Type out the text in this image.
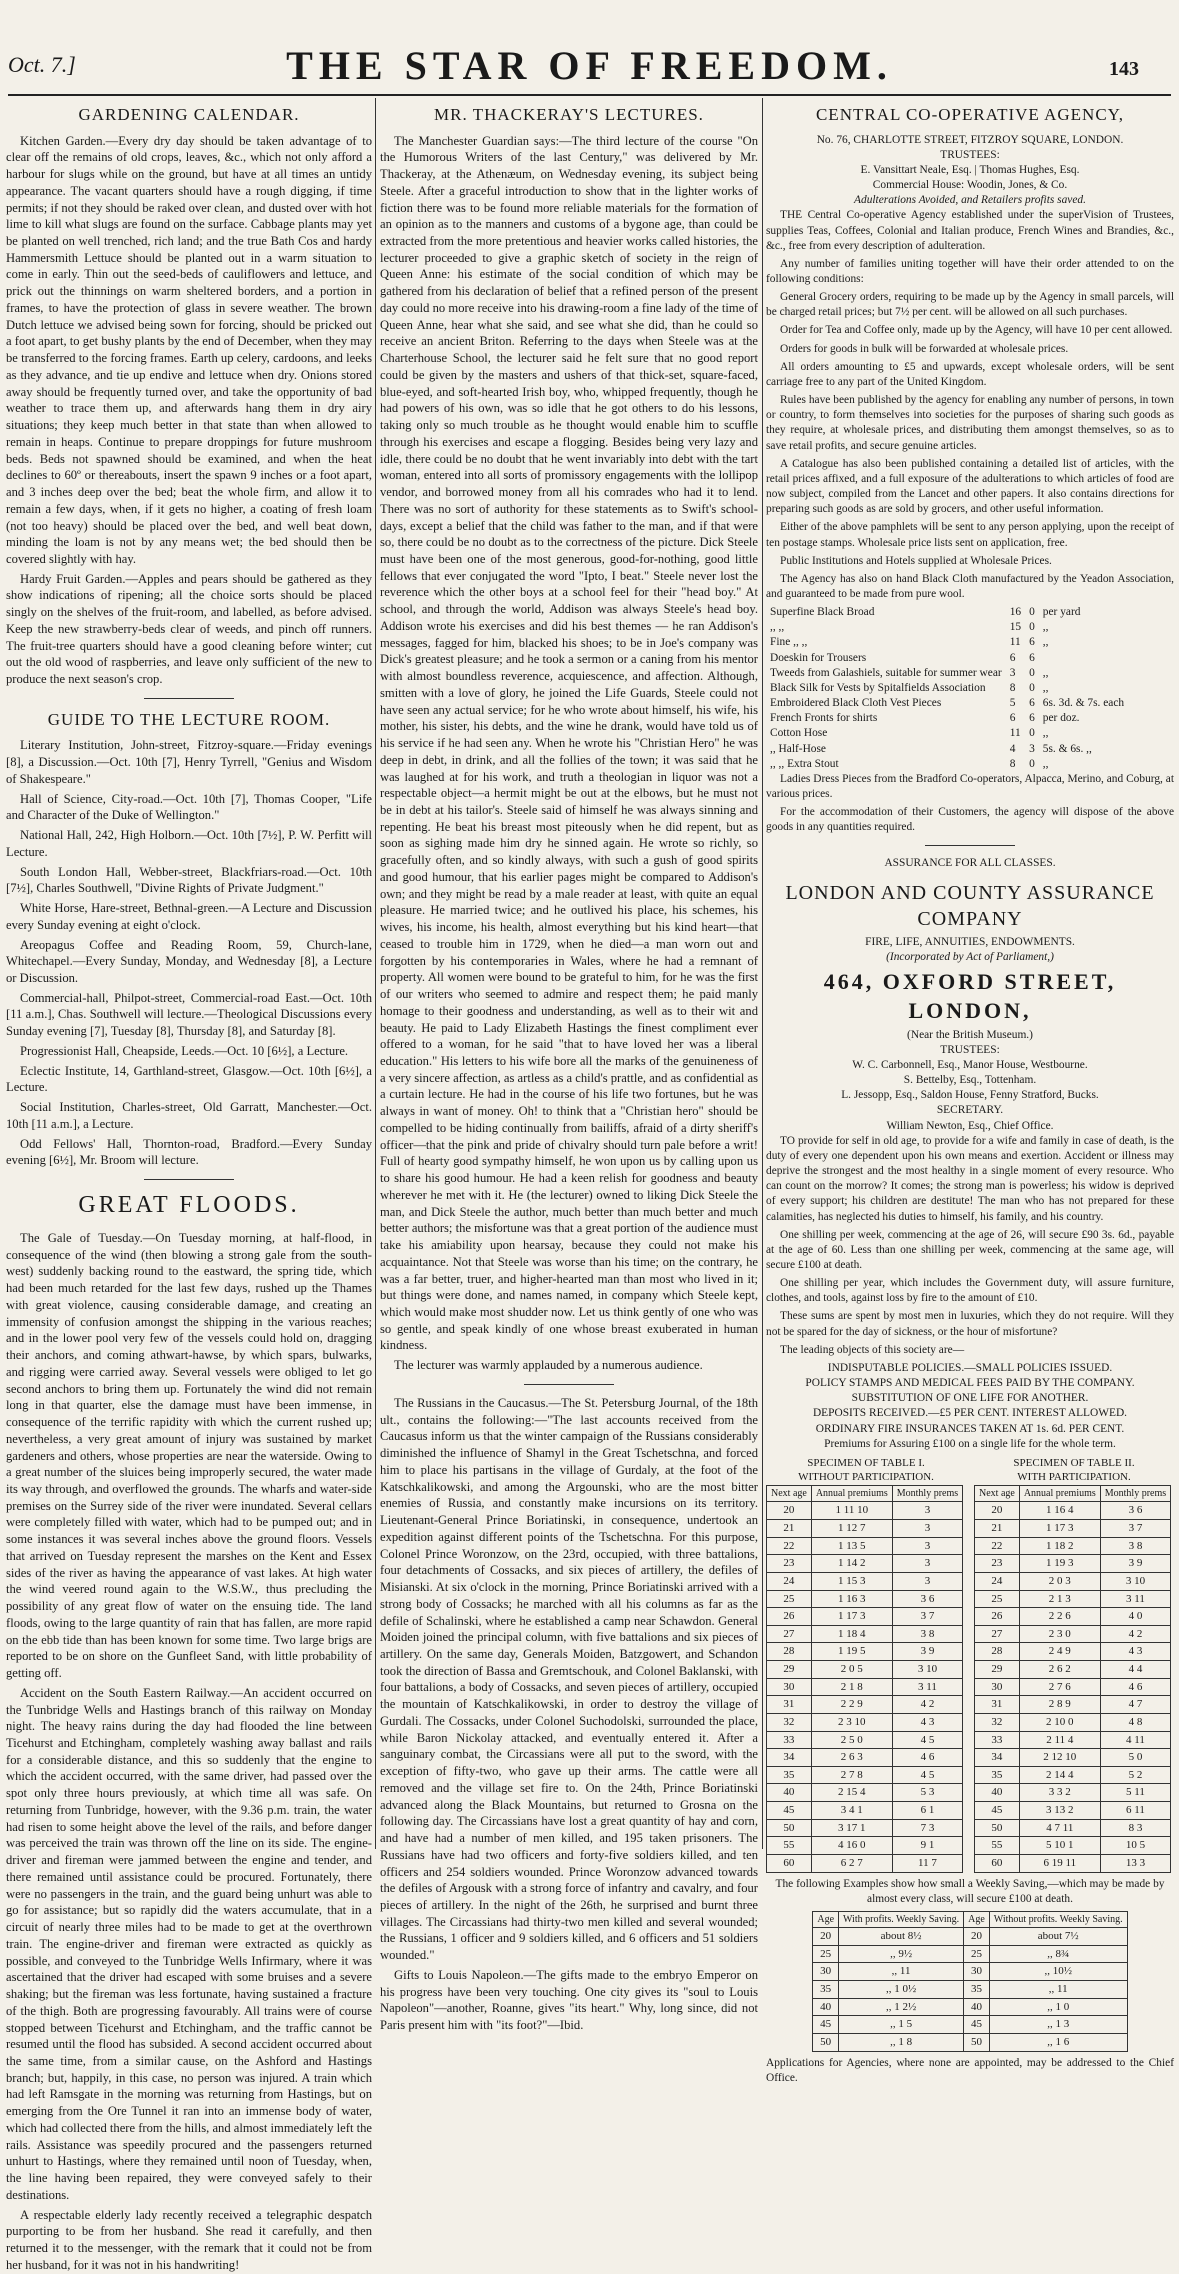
Oct. 7.]	THE STAR OF FREEDOM.	143
GARDENING CALENDAR.

Kitchen Garden.—Every dry day should be taken advantage of to clear off the remains of old crops, leaves, &c., which not only afford a harbour for slugs while on the ground, but have at all times an untidy appearance. The vacant quarters should have a rough digging, if time permits; if not they should be raked over clean, and dusted over with hot lime to kill what slugs are found on the surface. Cabbage plants may yet be planted on well trenched, rich land; and the true Bath Cos and hardy Hammersmith Lettuce should be planted out in a warm situation to come in early. Thin out the seed-beds of cauliflowers and lettuce, and prick out the thinnings on warm sheltered borders, and a portion in frames, to have the protection of glass in severe weather. The brown Dutch lettuce we advised being sown for forcing, should be pricked out a foot apart, to get bushy plants by the end of December, when they may be transferred to the forcing frames. Earth up celery, cardoons, and leeks as they advance, and tie up endive and lettuce when dry. Onions stored away should be frequently turned over, and take the opportunity of bad weather to trace them up, and afterwards hang them in dry airy situations; they keep much better in that state than when allowed to remain in heaps. Continue to prepare droppings for future mushroom beds. Beds not spawned should be examined, and when the heat declines to 60º or thereabouts, insert the spawn 9 inches or a foot apart, and 3 inches deep over the bed; beat the whole firm, and allow it to remain a few days, when, if it gets no higher, a coating of fresh loam (not too heavy) should be placed over the bed, and well beat down, minding the loam is not by any means wet; the bed should then be covered slightly with hay.

Hardy Fruit Garden.—Apples and pears should be gathered as they show indications of ripening; all the choice sorts should be placed singly on the shelves of the fruit-room, and labelled, as before advised. Keep the new strawberry-beds clear of weeds, and pinch off runners. The fruit-tree quarters should have a good cleaning before winter; cut out the old wood of raspberries, and leave only sufficient of the new to produce the next season's crop.

GUIDE TO THE LECTURE ROOM.

Literary Institution, John-street, Fitzroy-square.—Friday evenings [8], a Discussion.—Oct. 10th [7], Henry Tyrrell, "Genius and Wisdom of Shakespeare."

Hall of Science, City-road.—Oct. 10th [7], Thomas Cooper, "Life and Character of the Duke of Wellington."

National Hall, 242, High Holborn.—Oct. 10th [7½], P. W. Perfitt will Lecture.

South London Hall, Webber-street, Blackfriars-road.—Oct. 10th [7½], Charles Southwell, "Divine Rights of Private Judgment."

White Horse, Hare-street, Bethnal-green.—A Lecture and Discussion every Sunday evening at eight o'clock.

Areopagus Coffee and Reading Room, 59, Church-lane, Whitechapel.—Every Sunday, Monday, and Wednesday [8], a Lecture or Discussion.

Commercial-hall, Philpot-street, Commercial-road East.—Oct. 10th [11 a.m.], Chas. Southwell will lecture.—Theological Discussions every Sunday evening [7], Tuesday [8], Thursday [8], and Saturday [8].

Progressionist Hall, Cheapside, Leeds.—Oct. 10 [6½], a Lecture.

Eclectic Institute, 14, Garthland-street, Glasgow.—Oct. 10th [6½], a Lecture.

Social Institution, Charles-street, Old Garratt, Manchester.—Oct. 10th [11 a.m.], a Lecture.

Odd Fellows' Hall, Thornton-road, Bradford.—Every Sunday evening [6½], Mr. Broom will lecture.

GREAT FLOODS.

The Gale of Tuesday.—On Tuesday morning, at half-flood, in consequence of the wind (then blowing a strong gale from the south-west) suddenly backing round to the eastward, the spring tide, which had been much retarded for the last few days, rushed up the Thames with great violence, causing considerable damage, and creating an immensity of confusion amongst the shipping in the various reaches; and in the lower pool very few of the vessels could hold on, dragging their anchors, and coming athwart-hawse, by which spars, bulwarks, and rigging were carried away. Several vessels were obliged to let go second anchors to bring them up. Fortunately the wind did not remain long in that quarter, else the damage must have been immense, in consequence of the terrific rapidity with which the current rushed up; nevertheless, a very great amount of injury was sustained by market gardeners and others, whose properties are near the waterside. Owing to a great number of the sluices being improperly secured, the water made its way through, and overflowed the grounds. The wharfs and water-side premises on the Surrey side of the river were inundated. Several cellars were completely filled with water, which had to be pumped out; and in some instances it was several inches above the ground floors. Vessels that arrived on Tuesday represent the marshes on the Kent and Essex sides of the river as having the appearance of vast lakes. At high water the wind veered round again to the W.S.W., thus precluding the possibility of any great flow of water on the ensuing tide. The land floods, owing to the large quantity of rain that has fallen, are more rapid on the ebb tide than has been known for some time. Two large brigs are reported to be on shore on the Gunfleet Sand, with little probability of getting off.

Accident on the South Eastern Railway.—An accident occurred on the Tunbridge Wells and Hastings branch of this railway on Monday night. The heavy rains during the day had flooded the line between Ticehurst and Etchingham, completely washing away ballast and rails for a considerable distance, and this so suddenly that the engine to which the accident occurred, with the same driver, had passed over the spot only three hours previously, at which time all was safe. On returning from Tunbridge, however, with the 9.36 p.m. train, the water had risen to some height above the level of the rails, and before danger was perceived the train was thrown off the line on its side. The engine-driver and fireman were jammed between the engine and tender, and there remained until assistance could be procured. Fortunately, there were no passengers in the train, and the guard being unhurt was able to go for assistance; but so rapidly did the waters accumulate, that in a circuit of nearly three miles had to be made to get at the overthrown train. The engine-driver and fireman were extracted as quickly as possible, and conveyed to the Tunbridge Wells Infirmary, where it was ascertained that the driver had escaped with some bruises and a severe shaking; but the fireman was less fortunate, having sustained a fracture of the thigh. Both are progressing favourably. All trains were of course stopped between Ticehurst and Etchingham, and the traffic cannot be resumed until the flood has subsided. A second accident occurred about the same time, from a similar cause, on the Ashford and Hastings branch; but, happily, in this case, no person was injured. A train which had left Ramsgate in the morning was returning from Hastings, but on emerging from the Ore Tunnel it ran into an immense body of water, which had collected there from the hills, and almost immediately left the rails. Assistance was speedily procured and the passengers returned unhurt to Hastings, where they remained until noon of Tuesday, when, the line having been repaired, they were conveyed safely to their destinations.

A respectable elderly lady recently received a telegraphic despatch purporting to be from her husband. She read it carefully, and then returned it to the messenger, with the remark that it could not be from her husband, for it was not in his handwriting!

MR. THACKERAY'S LECTURES.

The Manchester Guardian says:—The third lecture of the course "On the Humorous Writers of the last Century," was delivered by Mr. Thackeray, at the Athenæum, on Wednesday evening, its subject being Steele. After a graceful introduction to show that in the lighter works of fiction there was to be found more reliable materials for the formation of an opinion as to the manners and customs of a bygone age, than could be extracted from the more pretentious and heavier works called histories, the lecturer proceeded to give a graphic sketch of society in the reign of Queen Anne: his estimate of the social condition of which may be gathered from his declaration of belief that a refined person of the present day could no more receive into his drawing-room a fine lady of the time of Queen Anne, hear what she said, and see what she did, than he could so receive an ancient Briton. Referring to the days when Steele was at the Charterhouse School, the lecturer said he felt sure that no good report could be given by the masters and ushers of that thick-set, square-faced, blue-eyed, and soft-hearted Irish boy, who, whipped frequently, though he had powers of his own, was so idle that he got others to do his lessons, taking only so much trouble as he thought would enable him to scuffle through his exercises and escape a flogging. Besides being very lazy and idle, there could be no doubt that he went invariably into debt with the tart woman, entered into all sorts of promissory engagements with the lollipop vendor, and borrowed money from all his comrades who had it to lend. There was no sort of authority for these statements as to Swift's school-days, except a belief that the child was father to the man, and if that were so, there could be no doubt as to the correctness of the picture. Dick Steele must have been one of the most generous, good-for-nothing, good little fellows that ever conjugated the word "Ipto, I beat." Steele never lost the reverence which the other boys at a school feel for their "head boy." At school, and through the world, Addison was always Steele's head boy. Addison wrote his exercises and did his best themes — he ran Addison's messages, fagged for him, blacked his shoes; to be in Joe's company was Dick's greatest pleasure; and he took a sermon or a caning from his mentor with almost boundless reverence, acquiescence, and affection. Although, smitten with a love of glory, he joined the Life Guards, Steele could not have seen any actual service; for he who wrote about himself, his wife, his mother, his sister, his debts, and the wine he drank, would have told us of his service if he had seen any. When he wrote his "Christian Hero" he was deep in debt, in drink, and all the follies of the town; it was said that he was laughed at for his work, and truth a theologian in liquor was not a respectable object—a hermit might be out at the elbows, but he must not be in debt at his tailor's. Steele said of himself he was always sinning and repenting. He beat his breast most piteously when he did repent, but as soon as sighing made him dry he sinned again. He wrote so richly, so gracefully often, and so kindly always, with such a gush of good spirits and good humour, that his earlier pages might be compared to Addison's own; and they might be read by a male reader at least, with quite an equal pleasure. He married twice; and he outlived his place, his schemes, his wives, his income, his health, almost everything but his kind heart—that ceased to trouble him in 1729, when he died—a man worn out and forgotten by his contemporaries in Wales, where he had a remnant of property. All women were bound to be grateful to him, for he was the first of our writers who seemed to admire and respect them; he paid manly homage to their goodness and understanding, as well as to their wit and beauty. He paid to Lady Elizabeth Hastings the finest compliment ever offered to a woman, for he said "that to have loved her was a liberal education." His letters to his wife bore all the marks of the genuineness of a very sincere affection, as artless as a child's prattle, and as confidential as a curtain lecture. He had in the course of his life two fortunes, but he was always in want of money. Oh! to think that a "Christian hero" should be compelled to be hiding continually from bailiffs, afraid of a dirty sheriff's officer—that the pink and pride of chivalry should turn pale before a writ! Full of hearty good sympathy himself, he won upon us by calling upon us to share his good humour. He had a keen relish for goodness and beauty wherever he met with it. He (the lecturer) owned to liking Dick Steele the man, and Dick Steele the author, much better than much better and much better authors; the misfortune was that a great portion of the audience must take his amiability upon hearsay, because they could not make his acquaintance. Not that Steele was worse than his time; on the contrary, he was a far better, truer, and higher-hearted man than most who lived in it; but things were done, and names named, in company which Steele kept, which would make most shudder now. Let us think gently of one who was so gentle, and speak kindly of one whose breast exuberated in human kindness.

The lecturer was warmly applauded by a numerous audience.

The Russians in the Caucasus.—The St. Petersburg Journal, of the 18th ult., contains the following:—"The last accounts received from the Caucasus inform us that the winter campaign of the Russians considerably diminished the influence of Shamyl in the Great Tschetschna, and forced him to place his partisans in the village of Gurdaly, at the foot of the Katschkalikowski, and among the Argounski, who are the most bitter enemies of Russia, and constantly make incursions on its territory. Lieutenant-General Prince Boriatinski, in consequence, undertook an expedition against different points of the Tschetschna. For this purpose, Colonel Prince Woronzow, on the 23rd, occupied, with three battalions, four detachments of Cossacks, and six pieces of artillery, the defiles of Misianski. At six o'clock in the morning, Prince Boriatinski arrived with a strong body of Cossacks; he marched with all his columns as far as the defile of Schalinski, where he established a camp near Schawdon. General Moiden joined the principal column, with five battalions and six pieces of artillery. On the same day, Generals Moiden, Batzgowert, and Schandon took the direction of Bassa and Gremtschouk, and Colonel Baklanski, with four battalions, a body of Cossacks, and seven pieces of artillery, occupied the mountain of Katschkalikowski, in order to destroy the village of Gurdali. The Cossacks, under Colonel Suchodolski, surrounded the place, while Baron Nickolay attacked, and eventually entered it. After a sanguinary combat, the Circassians were all put to the sword, with the exception of fifty-two, who gave up their arms. The cattle were all removed and the village set fire to. On the 24th, Prince Boriatinski advanced along the Black Mountains, but returned to Grosna on the following day. The Circassians have lost a great quantity of hay and corn, and have had a number of men killed, and 195 taken prisoners. The Russians have had two officers and forty-five soldiers killed, and ten officers and 254 soldiers wounded. Prince Woronzow advanced towards the defiles of Argousk with a strong force of infantry and cavalry, and four pieces of artillery. In the night of the 26th, he surprised and burnt three villages. The Circassians had thirty-two men killed and several wounded; the Russians, 1 officer and 9 soldiers killed, and 6 officers and 51 soldiers wounded."

Gifts to Louis Napoleon.—The gifts made to the embryo Emperor on his progress have been very touching. One city gives its "soul to Louis Napoleon"—another, Roanne, gives "its heart." Why, long since, did not Paris present him with "its foot?"—Ibid.

CENTRAL CO-OPERATIVE AGENCY,
No. 76, CHARLOTTE STREET, FITZROY SQUARE, LONDON.
TRUSTEES:
E. Vansittart Neale, Esq. | Thomas Hughes, Esq.
Commercial House: Woodin, Jones, & Co.
Adulterations Avoided, and Retailers profits saved.

THE Central Co-operative Agency established under the superVision of Trustees, supplies Teas, Coffees, Colonial and Italian produce, French Wines and Brandies, &c., &c., free from every description of adulteration.

Any number of families uniting together will have their order attended to on the following conditions:

General Grocery orders, requiring to be made up by the Agency in small parcels, will be charged retail prices; but 7½ per cent. will be allowed on all such purchases.

Order for Tea and Coffee only, made up by the Agency, will have 10 per cent allowed.

Orders for goods in bulk will be forwarded at wholesale prices.

All orders amounting to £5 and upwards, except wholesale orders, will be sent carriage free to any part of the United Kingdom.

Rules have been published by the agency for enabling any number of persons, in town or country, to form themselves into societies for the purposes of sharing such goods as they require, at wholesale prices, and distributing them amongst themselves, so as to save retail profits, and secure genuine articles.

A Catalogue has also been published containing a detailed list of articles, with the retail prices affixed, and a full exposure of the adulterations to which articles of food are now subject, compiled from the Lancet and other papers. It also contains directions for preparing such goods as are sold by grocers, and other useful information.

Either of the above pamphlets will be sent to any person applying, upon the receipt of ten postage stamps. Wholesale price lists sent on application, free.

Public Institutions and Hotels supplied at Wholesale Prices.

The Agency has also on hand Black Cloth manufactured by the Yeadon Association, and guaranteed to be made from pure wool.

Superfine Black Broad	16	0	per yard
,, ,,	15	0	,,
Fine ,, ,,	11	6	,,
Doeskin for Trousers	6	6	
Tweeds from Galashiels, suitable for summer wear	3	0	,,
Black Silk for Vests by Spitalfields Association	8	0	,,
Embroidered Black Cloth Vest Pieces	5	6	6s. 3d. & 7s. each
French Fronts for shirts	6	6	per doz.
Cotton Hose	11	0	,,
,, Half-Hose	4	3	5s. & 6s. ,,
,, ,, Extra Stout	8	0	,,

Ladies Dress Pieces from the Bradford Co-operators, Alpacca, Merino, and Coburg, at various prices.

For the accommodation of their Customers, the agency will dispose of the above goods in any quantities required.

ASSURANCE FOR ALL CLASSES.
LONDON AND COUNTY ASSURANCE COMPANY
FIRE, LIFE, ANNUITIES, ENDOWMENTS.
(Incorporated by Act of Parliament,)
464, OXFORD STREET, LONDON,
(Near the British Museum.)
TRUSTEES:
W. C. Carbonnell, Esq., Manor House, Westbourne.
S. Bettelby, Esq., Tottenham.
L. Jessopp, Esq., Saldon House, Fenny Stratford, Bucks.
SECRETARY.
William Newton, Esq., Chief Office.

TO provide for self in old age, to provide for a wife and family in case of death, is the duty of every one dependent upon his own means and exertion. Accident or illness may deprive the strongest and the most healthy in a single moment of every resource. Who can count on the morrow? It comes; the strong man is powerless; his widow is deprived of every support; his children are destitute! The man who has not prepared for these calamities, has neglected his duties to himself, his family, and his country.

One shilling per week, commencing at the age of 26, will secure £90 3s. 6d., payable at the age of 60. Less than one shilling per week, commencing at the same age, will secure £100 at death.

One shilling per year, which includes the Government duty, will assure furniture, clothes, and tools, against loss by fire to the amount of £10.

These sums are spent by most men in luxuries, which they do not require. Will they not be spared for the day of sickness, or the hour of misfortune?

The leading objects of this society are—

INDISPUTABLE POLICIES.—SMALL POLICIES ISSUED.
POLICY STAMPS AND MEDICAL FEES PAID BY THE COMPANY.
SUBSTITUTION OF ONE LIFE FOR ANOTHER.
DEPOSITS RECEIVED.—£5 PER CENT. INTEREST ALLOWED.
ORDINARY FIRE INSURANCES TAKEN AT 1s. 6d. PER CENT.
Premiums for Assuring £100 on a single life for the whole term.
SPECIMEN OF TABLE I.
WITHOUT PARTICIPATION.
Next age	Annual premiums	Monthly prems
20	1 11 10	3
21	1 12 7	3
22	1 13 5	3
23	1 14 2	3
24	1 15 3	3
25	1 16 3	3 6
26	1 17 3	3 7
27	1 18 4	3 8
28	1 19 5	3 9
29	2 0 5	3 10
30	2 1 8	3 11
31	2 2 9	4 2
32	2 3 10	4 3
33	2 5 0	4 5
34	2 6 3	4 6
35	2 7 8	4 5
40	2 15 4	5 3
45	3 4 1	6 1
50	3 17 1	7 3
55	4 16 0	9 1
60	6 2 7	11 7
SPECIMEN OF TABLE II.
WITH PARTICIPATION.
Next age	Annual premiums	Monthly prems
20	1 16 4	3 6
21	1 17 3	3 7
22	1 18 2	3 8
23	1 19 3	3 9
24	2 0 3	3 10
25	2 1 3	3 11
26	2 2 6	4 0
27	2 3 0	4 2
28	2 4 9	4 3
29	2 6 2	4 4
30	2 7 6	4 6
31	2 8 9	4 7
32	2 10 0	4 8
33	2 11 4	4 11
34	2 12 10	5 0
35	2 14 4	5 2
40	3 3 2	5 11
45	3 13 2	6 11
50	4 7 11	8 3
55	5 10 1	10 5
60	6 19 11	13 3
The following Examples show how small a Weekly Saving,—which may be made by almost every class, will secure £100 at death.
Age	With profits. Weekly Saving.	Age	Without profits. Weekly Saving.
20	about 8½	20	about 7½
25	,, 9½	25	,, 8¾
30	,, 11	30	,, 10½
35	,, 1 0½	35	,, 11
40	,, 1 2½	40	,, 1 0
45	,, 1 5	45	,, 1 3
50	,, 1 8	50	,, 1 6
Applications for Agencies, where none are appointed, may be addressed to the Chief Office.
